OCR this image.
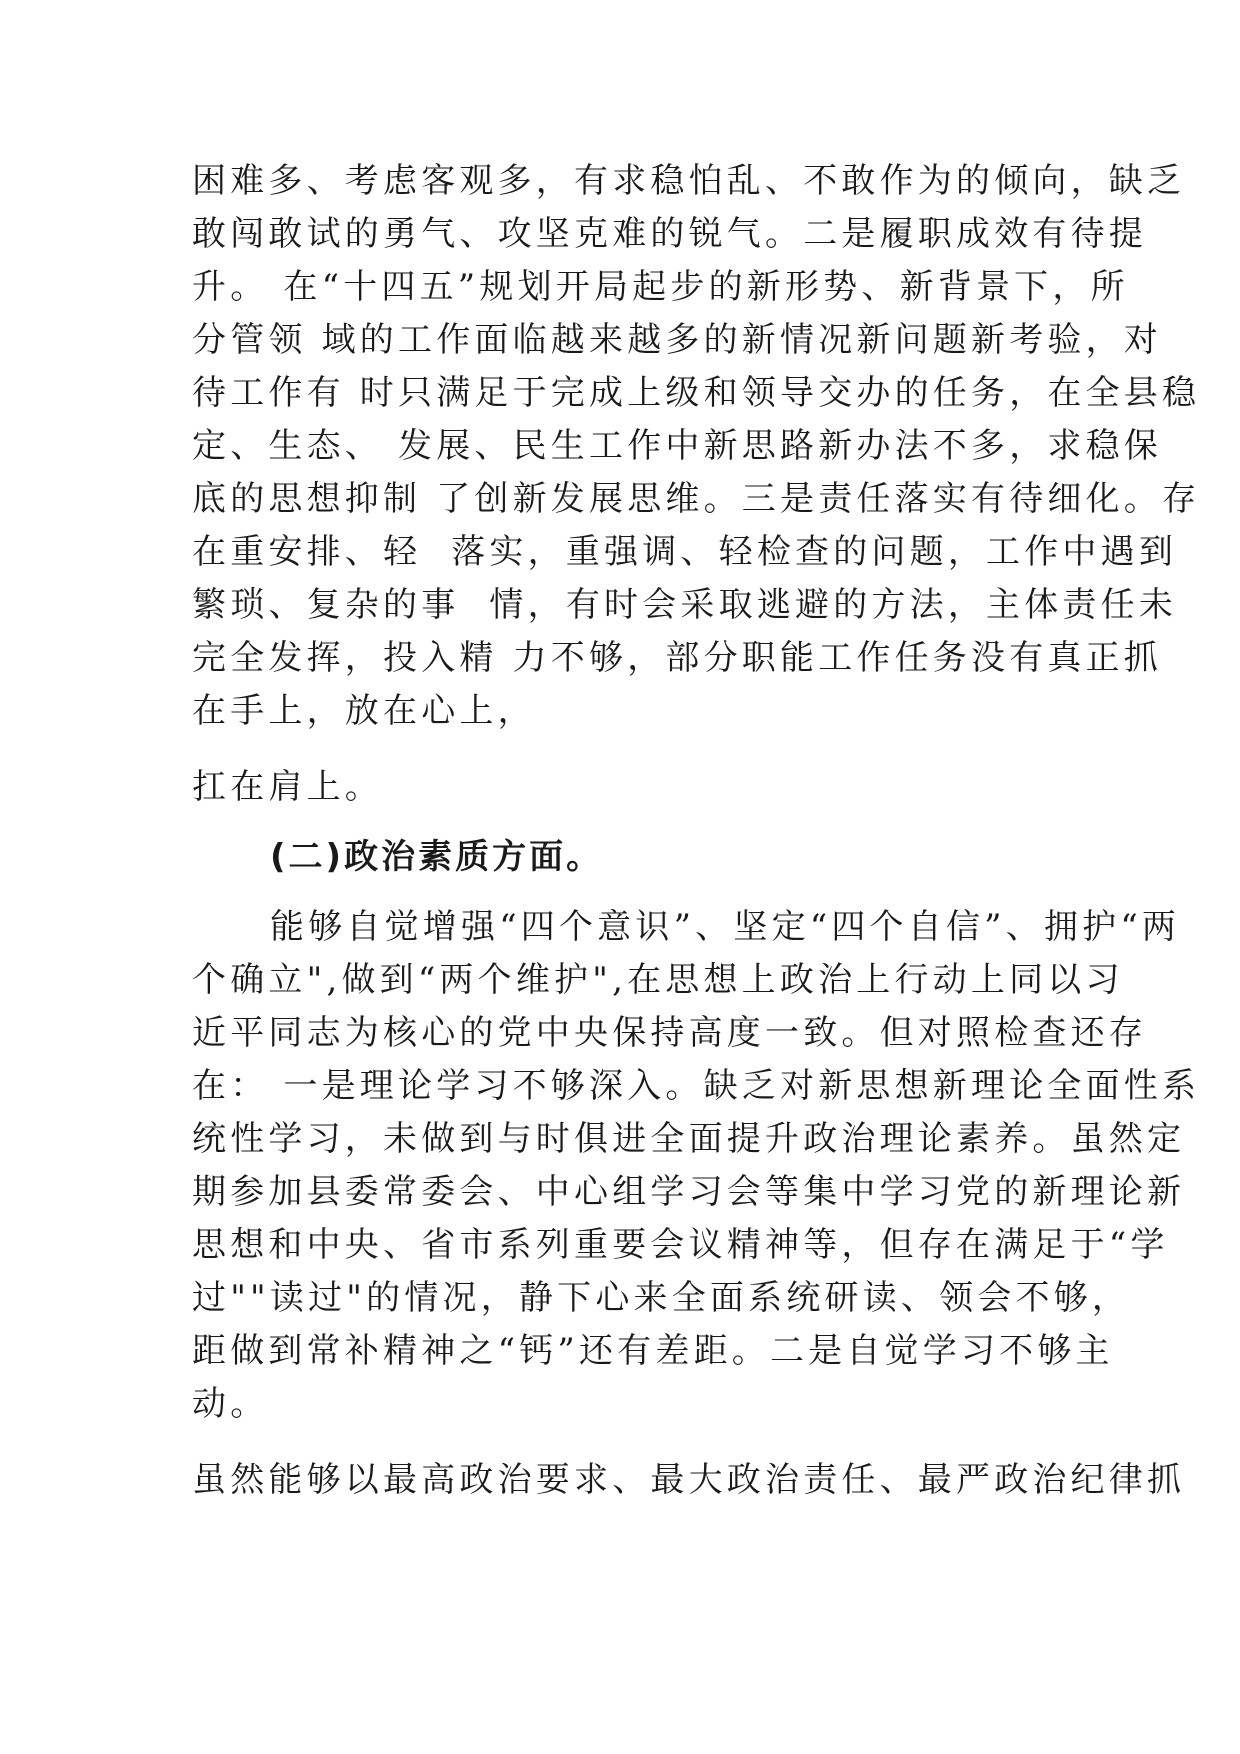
困难多、考虑客观多，有求稳怕乱、不敢作为的倾向，缺乏
敢闯敢试的勇气、攻坚克难的锐气。二是履职成效有待提
升。 在“十四五”规划开局起步的新形势、新背景下，所
分管领 域的工作面临越来越多的新情况新问题新考验，对
待工作有 时只满足于完成上级和领导交办的任务，在全县稳
定、生态、 发展、民生工作中新思路新办法不多，求稳保
底的思想抑制 了创新发展思维。三是责任落实有待细化。存
在重安排、轻  落实，重强调、轻检查的问题，工作中遇到
繁琐、复杂的事  情，有时会采取逃避的方法，主体责任未
完全发挥，投入精 力不够，部分职能工作任务没有真正抓
在手上，放在心上，
扛在肩上。
(二)政治素质方面。
能够自觉增强“四个意识”、坚定“四个自信”、拥护“两
个确立",做到“两个维护",在思想上政治上行动上同以习
近平同志为核心的党中央保持高度一致。但对照检查还存
在： 一是理论学习不够深入。缺乏对新思想新理论全面性系
统性学习，未做到与时俱进全面提升政治理论素养。虽然定
期参加县委常委会、中心组学习会等集中学习党的新理论新
思想和中央、省市系列重要会议精神等，但存在满足于“学
过""读过"的情况，静下心来全面系统研读、领会不够，
距做到常补精神之“钙”还有差距。二是自觉学习不够主
动。
虽然能够以最高政治要求、最大政治责任、最严政治纪律抓
